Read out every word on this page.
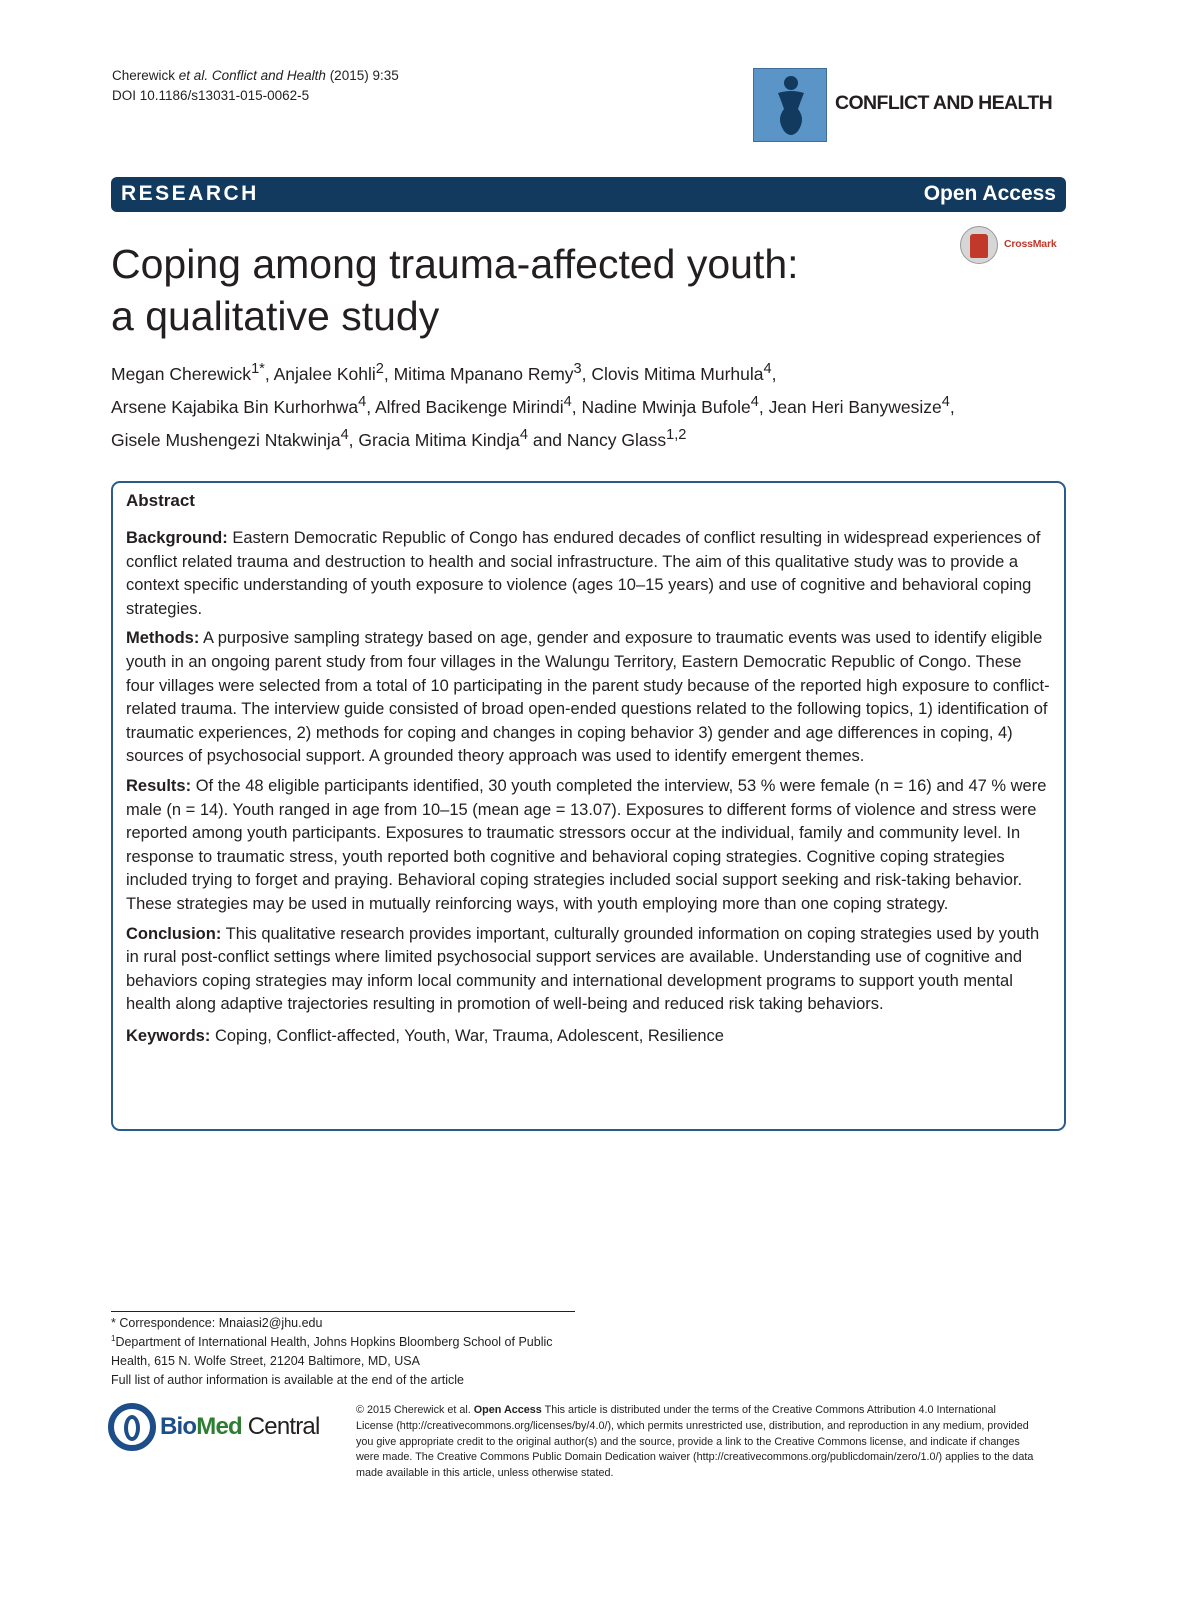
Cherewick et al. Conflict and Health (2015) 9:35
DOI 10.1186/s13031-015-0062-5	CONFLICT AND HEALTH
RESEARCH	Open Access
CrossMark
Coping among trauma-affected youth:
a qualitative study
Megan Cherewick$^{1*}$, Anjalee Kohli$^2$, Mitima Mpanano Remy$^3$, Clovis Mitima Murhula$^4$,
Arsene Kajabika Bin Kurhorhwa$^4$, Alfred Bacikenge Mirindi$^4$, Nadine Mwinja Bufole$^4$, Jean Heri Banywesize$^4$,
Gisele Mushengezi Ntakwinja$^4$, Gracia Mitima Kindja$^4$ and Nancy Glass$^{1,2}$
Abstract

Background: Eastern Democratic Republic of Congo has endured decades of conflict resulting in widespread experiences of conflict related trauma and destruction to health and social infrastructure. The aim of this qualitative study was to provide a context specific understanding of youth exposure to violence (ages 10–15 years) and use of cognitive and behavioral coping strategies.

Methods: A purposive sampling strategy based on age, gender and exposure to traumatic events was used to identify eligible youth in an ongoing parent study from four villages in the Walungu Territory, Eastern Democratic Republic of Congo. These four villages were selected from a total of 10 participating in the parent study because of the reported high exposure to conflict-related trauma. The interview guide consisted of broad open-ended questions related to the following topics, 1) identification of traumatic experiences, 2) methods for coping and changes in coping behavior 3) gender and age differences in coping, 4) sources of psychosocial support. A grounded theory approach was used to identify emergent themes.

Results: Of the 48 eligible participants identified, 30 youth completed the interview, 53 % were female (n = 16) and 47 % were male (n = 14). Youth ranged in age from 10–15 (mean age = 13.07). Exposures to different forms of violence and stress were reported among youth participants. Exposures to traumatic stressors occur at the individual, family and community level. In response to traumatic stress, youth reported both cognitive and behavioral coping strategies. Cognitive coping strategies included trying to forget and praying. Behavioral coping strategies included social support seeking and risk-taking behavior. These strategies may be used in mutually reinforcing ways, with youth employing more than one coping strategy.

Conclusion: This qualitative research provides important, culturally grounded information on coping strategies used by youth in rural post-conflict settings where limited psychosocial support services are available. Understanding use of cognitive and behaviors coping strategies may inform local community and international development programs to support youth mental health along adaptive trajectories resulting in promotion of well-being and reduced risk taking behaviors.

Keywords: Coping, Conflict-affected, Youth, War, Trauma, Adolescent, Resilience

* Correspondence: Mnaiasi2@jhu.edu
$^1$Department of International Health, Johns Hopkins Bloomberg School of Public Health, 615 N. Wolfe Street, 21204 Baltimore, MD, USA
Full list of author information is available at the end of the article
BioMed Central
© 2015 Cherewick et al. Open Access This article is distributed under the terms of the Creative Commons Attribution 4.0 International License (http://creativecommons.org/licenses/by/4.0/), which permits unrestricted use, distribution, and reproduction in any medium, provided you give appropriate credit to the original author(s) and the source, provide a link to the Creative Commons license, and indicate if changes were made. The Creative Commons Public Domain Dedication waiver (http://creativecommons.org/publicdomain/zero/1.0/) applies to the data made available in this article, unless otherwise stated.
